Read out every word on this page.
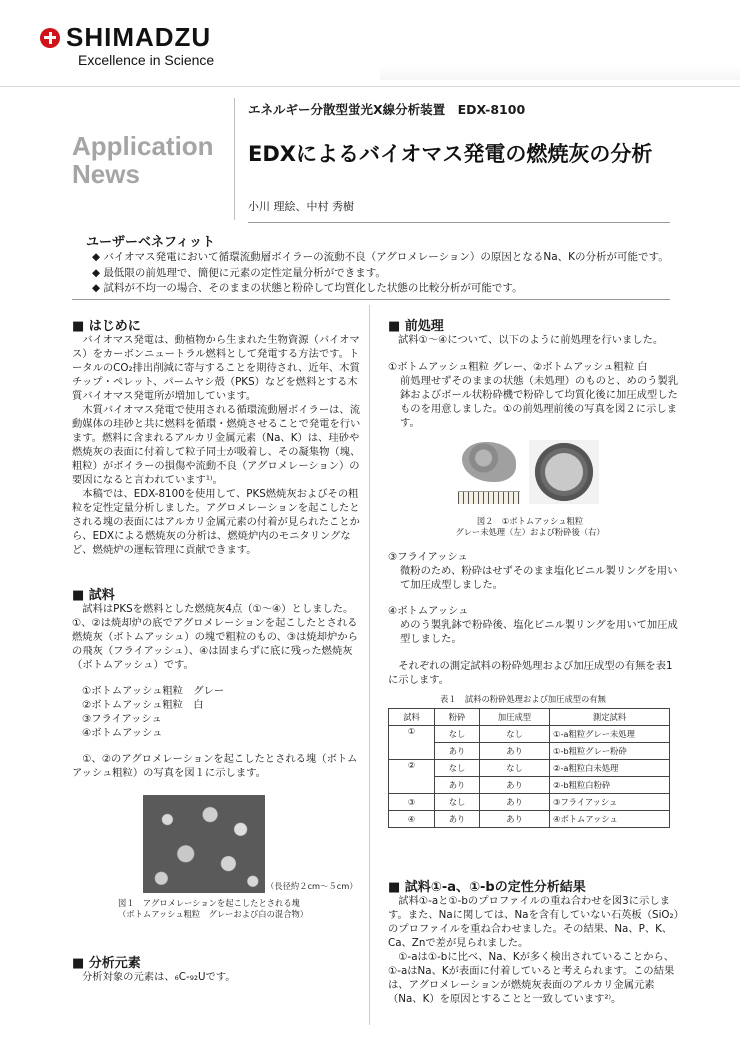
SHIMADZU
Excellence in Science
Application
News
エネルギー分散型蛍光X線分析装置　EDX-8100
EDXによるバイオマス発電の燃焼灰の分析
小川 理絵、中村 秀樹
ユーザーベネフィット
◆ バイオマス発電において循環流動層ボイラーの流動不良（アグロメレーション）の原因となるNa、Kの分析が可能です。
◆ 最低限の前処理で、簡便に元素の定性定量分析ができます。
◆ 試料が不均一の場合、そのままの状態と粉砕して均質化した状態の比較分析が可能です。
■ はじめに
バイオマス発電は、動植物から生まれた生物資源（バイオマス）をカーボンニュートラル燃料として発電する方法です。トータルのCO₂排出削減に寄与することを期待され、近年、木質チップ・ペレット、パームヤシ殻（PKS）などを燃料とする木質バイオマス発電所が増加しています。
木質バイオマス発電で使用される循環流動層ボイラーは、流動媒体の珪砂と共に燃料を循環・燃焼させることで発電を行います。燃料に含まれるアルカリ金属元素（Na、K）は、珪砂や燃焼灰の表面に付着して粒子同士が吸着し、その凝集物（塊、粗粒）がボイラーの損傷や流動不良（アグロメレーション）の要因になると言われています¹⁾。
本稿では、EDX-8100を使用して、PKS燃焼灰およびその粗粒を定性定量分析しました。アグロメレーションを起こしたとされる塊の表面にはアルカリ金属元素の付着が見られたことから、EDXによる燃焼灰の分析は、燃焼炉内のモニタリングなど、燃焼炉の運転管理に貢献できます。
■ 試料
試料はPKSを燃料とした燃焼灰4点（①〜④）としました。①、②は焼却炉の底でアグロメレーションを起こしたとされる燃焼灰（ボトムアッシュ）の塊で粗粒のもの、③は焼却炉からの飛灰（フライアッシュ）、④は固まらずに底に残った燃焼灰（ボトムアッシュ）です。
①ボトムアッシュ粗粒　グレー
②ボトムアッシュ粗粒　白
③フライアッシュ
④ボトムアッシュ
①、②のアグロメレーションを起こしたとされる塊（ボトムアッシュ粗粒）の写真を図１に示します。
（長径約２cm〜５cm）
図１　アグロメレーションを起こしたとされる塊
（ボトムアッシュ粗粒　グレーおよび白の混合物）
■ 分析元素
分析対象の元素は、₆C-₉₂Uです。
■ 前処理
試料①〜④について、以下のように前処理を行いました。
①ボトムアッシュ粗粒 グレー、②ボトムアッシュ粗粒 白
前処理せずそのままの状態（未処理）のものと、めのう製乳鉢およびボール状粉砕機で粉砕して均質化後に加圧成型したものを用意しました。①の前処理前後の写真を図２に示します。
図２　①ボトムアッシュ粗粒
グレー未処理（左）および粉砕後（右）
③フライアッシュ
微粉のため、粉砕はせずそのまま塩化ビニル製リングを用いて加圧成型しました。
④ボトムアッシュ
めのう製乳鉢で粉砕後、塩化ビニル製リングを用いて加圧成型しました。
それぞれの測定試料の粉砕処理および加圧成型の有無を表1に示します。
表１　試料の粉砕処理および加圧成型の有無
試料	粉砕	加圧成型	測定試料
①	なし	なし	①-a粗粒グレー未処理
	あり	あり	①-b粗粒グレー粉砕
②	なし	なし	②-a粗粒白未処理
	あり	あり	②-b粗粒白粉砕
③	なし	あり	③フライアッシュ
④	あり	あり	④ボトムアッシュ
■ 試料①-a、①-bの定性分析結果
試料①-aと①-bのプロファイルの重ね合わせを図3に示します。また、Naに関しては、Naを含有していない石英板（SiO₂）のプロファイルを重ね合わせました。その結果、Na、P、K、Ca、Znで差が見られました。
①-aは①-bに比べ、Na、Kが多く検出されていることから、①-aはNa、Kが表面に付着していると考えられます。この結果は、アグロメレーションが燃焼灰表面のアルカリ金属元素（Na、K）を原因とすることと一致しています²⁾。
